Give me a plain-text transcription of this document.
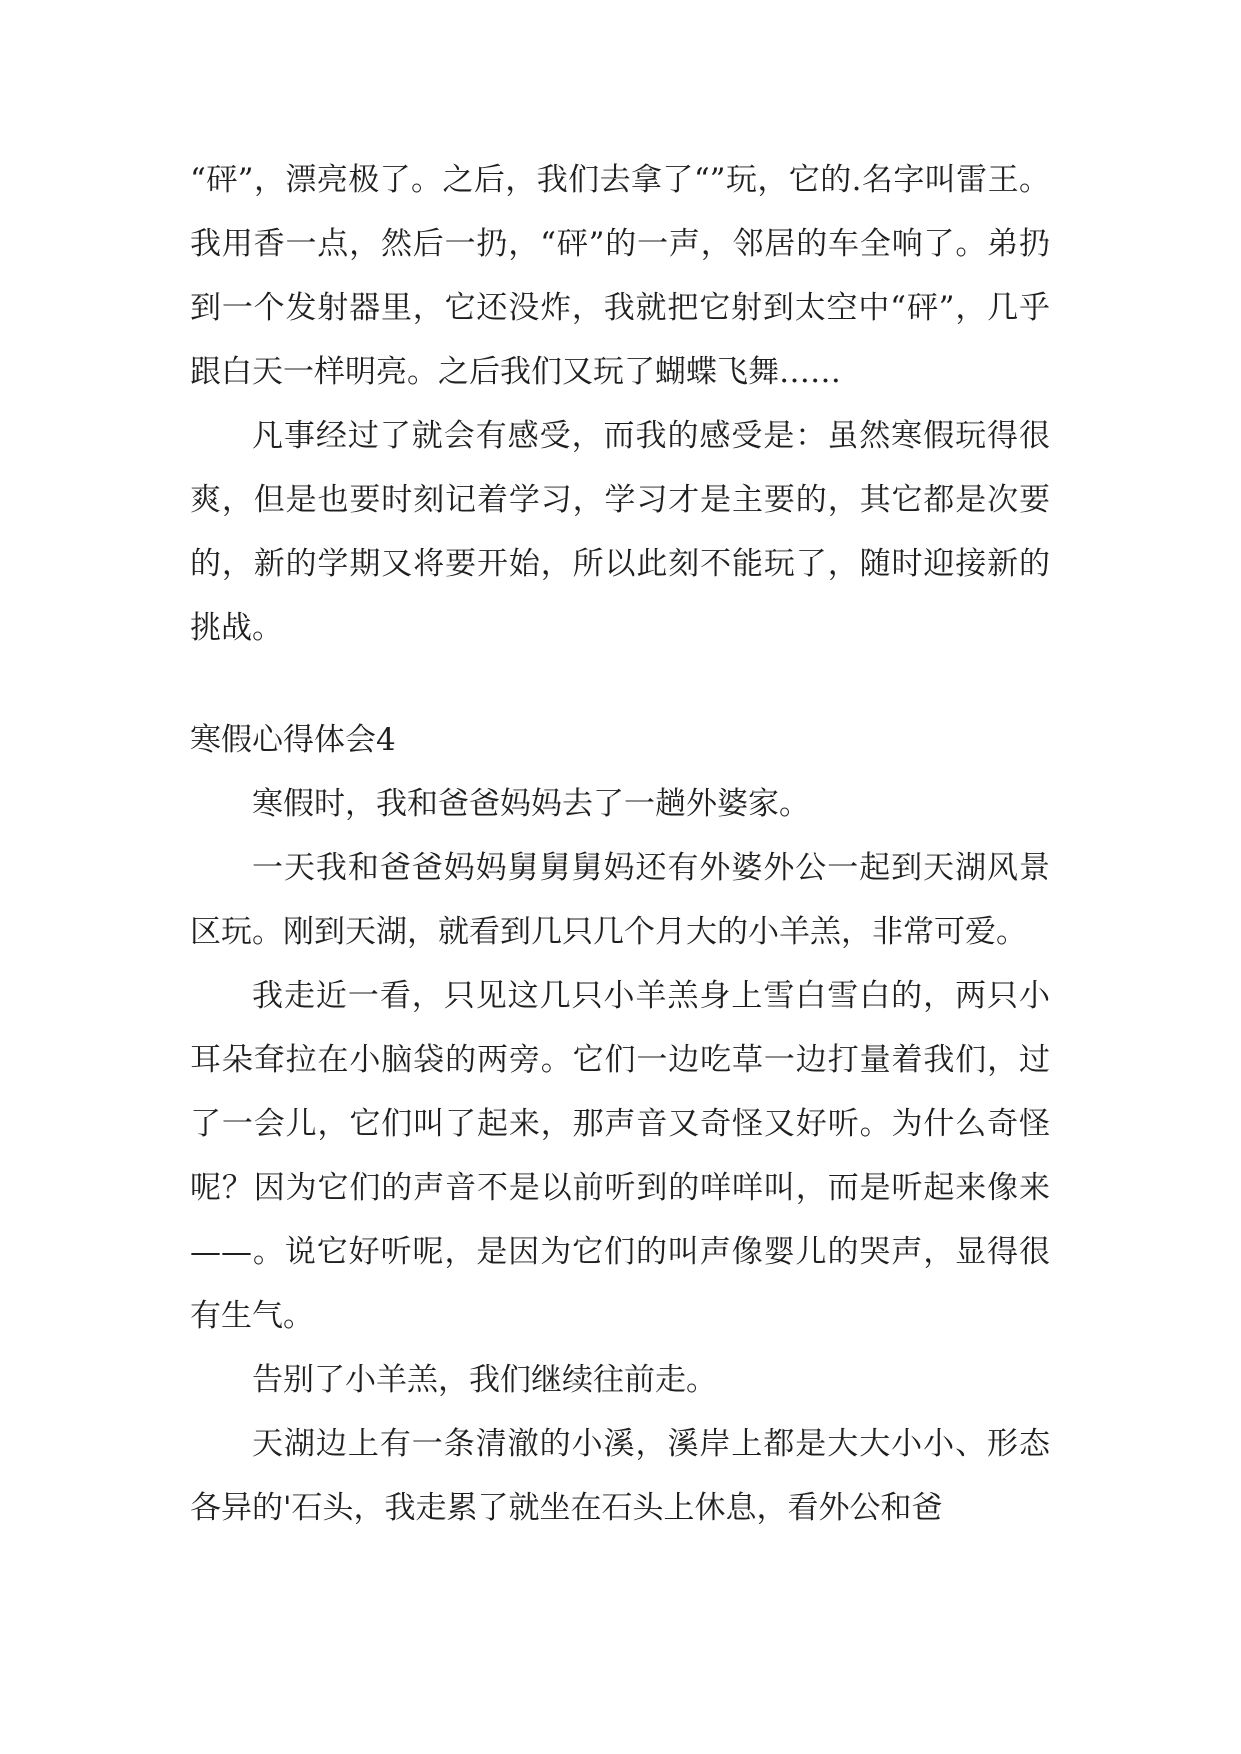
“砰”，漂亮极了。之后，我们去拿了“”玩，它的.名字叫雷王。我用香一点，然后一扔，“砰”的一声，邻居的车全响了。弟扔到一个发射器里，它还没炸，我就把它射到太空中“砰”，几乎跟白天一样明亮。之后我们又玩了蝴蝶飞舞……

凡事经过了就会有感受，而我的感受是：虽然寒假玩得很爽，但是也要时刻记着学习，学习才是主要的，其它都是次要的，新的学期又将要开始，所以此刻不能玩了，随时迎接新的挑战。

寒假心得体会4

寒假时，我和爸爸妈妈去了一趟外婆家。

一天我和爸爸妈妈舅舅舅妈还有外婆外公一起到天湖风景区玩。刚到天湖，就看到几只几个月大的小羊羔，非常可爱。

我走近一看，只见这几只小羊羔身上雪白雪白的，两只小耳朵耷拉在小脑袋的两旁。它们一边吃草一边打量着我们，过了一会儿，它们叫了起来，那声音又奇怪又好听。为什么奇怪呢？因为它们的声音不是以前听到的咩咩叫，而是听起来像来——。说它好听呢，是因为它们的叫声像婴儿的哭声，显得很有生气。

告别了小羊羔，我们继续往前走。

天湖边上有一条清澈的小溪，溪岸上都是大大小小、形态各异的'石头，我走累了就坐在石头上休息，看外公和爸
